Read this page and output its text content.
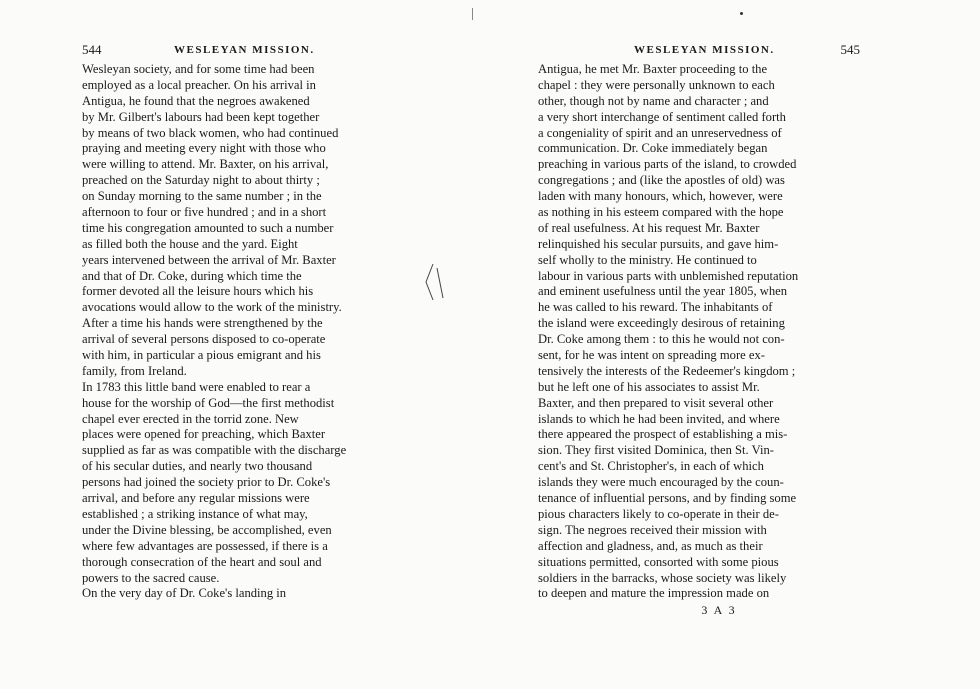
544	WESLEYAN MISSION.
Wesleyan society, and for some time had been
employed as a local preacher. On his arrival in
Antigua, he found that the negroes awakened
by Mr. Gilbert's labours had been kept together
by means of two black women, who had continued
praying and meeting every night with those who
were willing to attend. Mr. Baxter, on his arrival,
preached on the Saturday night to about thirty ;
on Sunday morning to the same number ; in the
afternoon to four or five hundred ; and in a short
time his congregation amounted to such a number
as filled both the house and the yard. Eight
years intervened between the arrival of Mr. Baxter
and that of Dr. Coke, during which time the
former devoted all the leisure hours which his
avocations would allow to the work of the ministry.
After a time his hands were strengthened by the
arrival of several persons disposed to co-operate
with him, in particular a pious emigrant and his
family, from Ireland.
In 1783 this little band were enabled to rear a
house for the worship of God—the first methodist
chapel ever erected in the torrid zone. New
places were opened for preaching, which Baxter
supplied as far as was compatible with the discharge
of his secular duties, and nearly two thousand
persons had joined the society prior to Dr. Coke's
arrival, and before any regular missions were
established ; a striking instance of what may,
under the Divine blessing, be accomplished, even
where few advantages are possessed, if there is a
thorough consecration of the heart and soul and
powers to the sacred cause.
On the very day of Dr. Coke's landing in
WESLEYAN MISSION.	545
Antigua, he met Mr. Baxter proceeding to the
chapel : they were personally unknown to each
other, though not by name and character ; and
a very short interchange of sentiment called forth
a congeniality of spirit and an unreservedness of
communication. Dr. Coke immediately began
preaching in various parts of the island, to crowded
congregations ; and (like the apostles of old) was
laden with many honours, which, however, were
as nothing in his esteem compared with the hope
of real usefulness. At his request Mr. Baxter
relinquished his secular pursuits, and gave him-
self wholly to the ministry. He continued to
labour in various parts with unblemished reputation
and eminent usefulness until the year 1805, when
he was called to his reward. The inhabitants of
the island were exceedingly desirous of retaining
Dr. Coke among them : to this he would not con-
sent, for he was intent on spreading more ex-
tensively the interests of the Redeemer's kingdom ;
but he left one of his associates to assist Mr.
Baxter, and then prepared to visit several other
islands to which he had been invited, and where
there appeared the prospect of establishing a mis-
sion. They first visited Dominica, then St. Vin-
cent's and St. Christopher's, in each of which
islands they were much encouraged by the coun-
tenance of influential persons, and by finding some
pious characters likely to co-operate in their de-
sign. The negroes received their mission with
affection and gladness, and, as much as their
situations permitted, consorted with some pious
soldiers in the barracks, whose society was likely
to deepen and mature the impression made on
3 A 3
